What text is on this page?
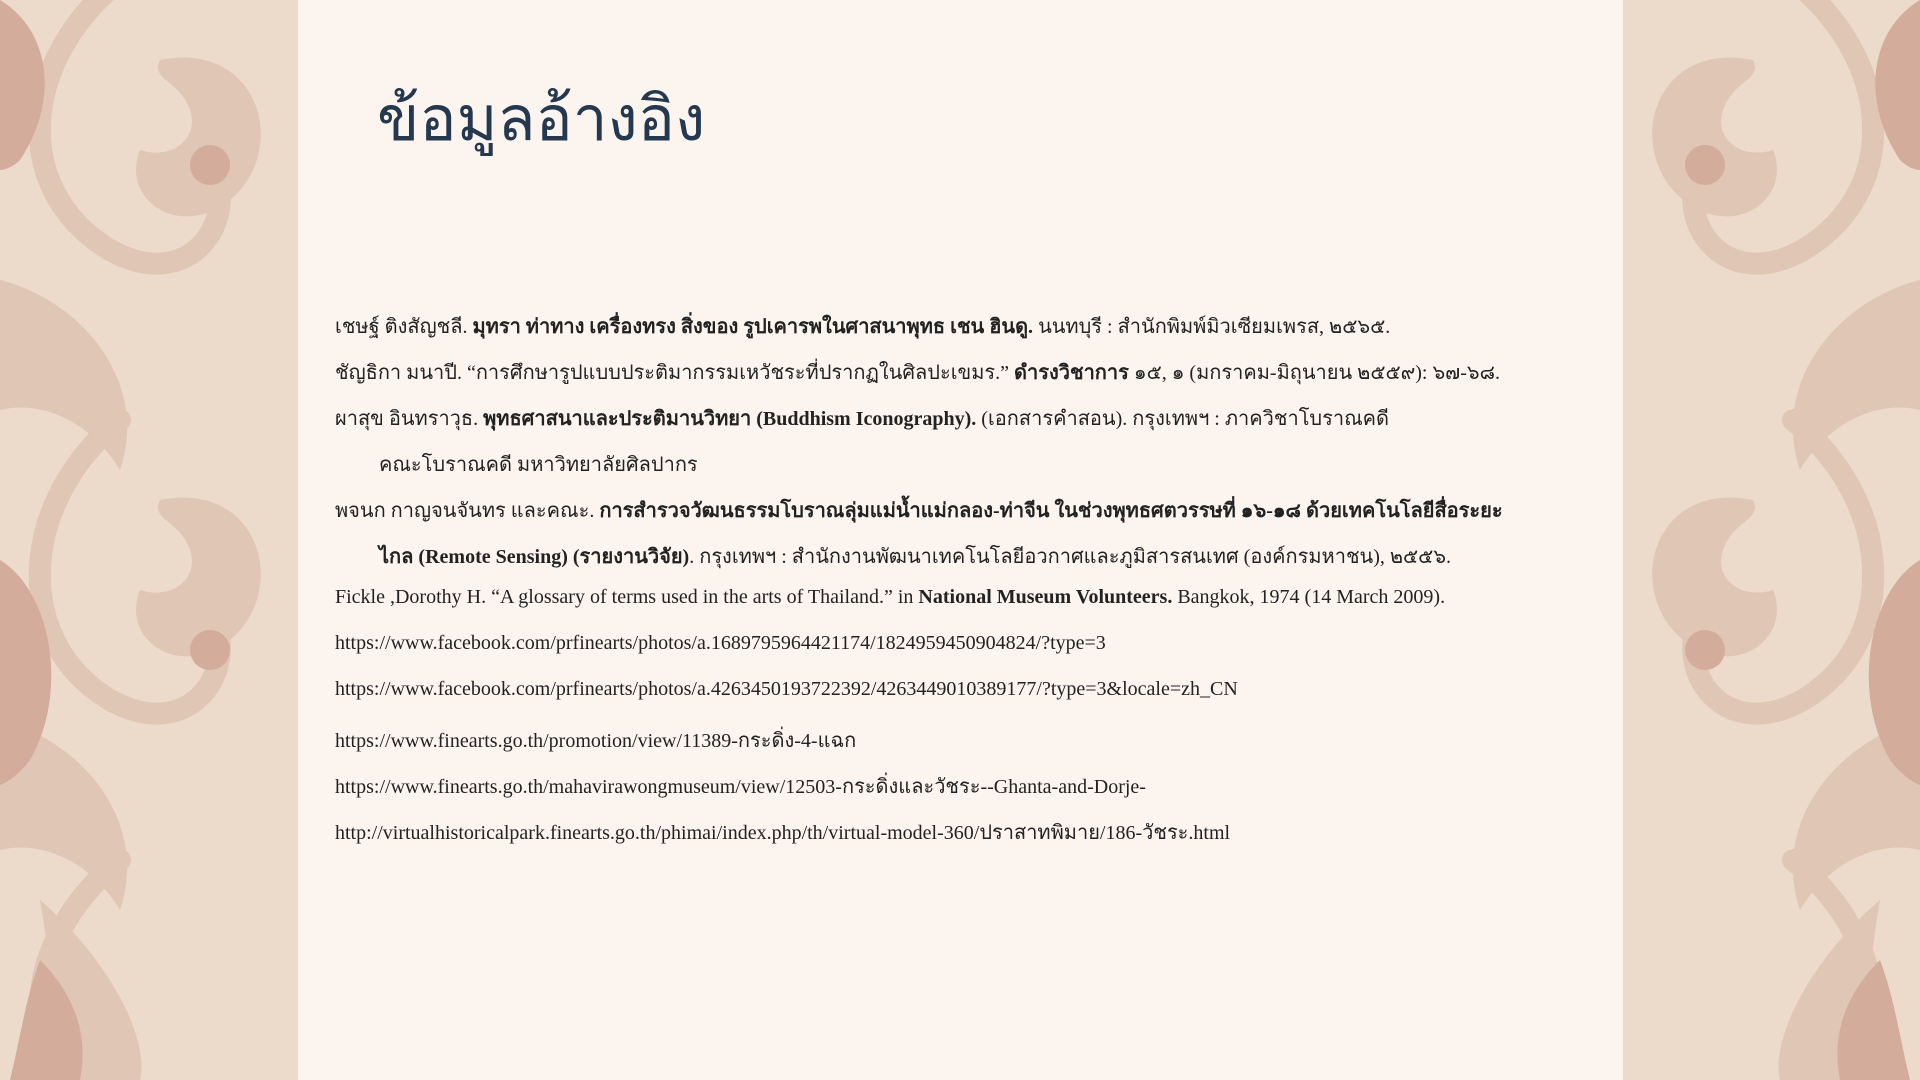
ข้อมูลอ้างอิง
เชษฐ์ ติงสัญชลี. มุทรา ท่าทาง เครื่องทรง สิ่งของ รูปเคารพในศาสนาพุทธ เชน ฮินดู. นนทบุรี : สำนักพิมพ์มิวเซียมเพรส, ๒๕๖๕.
ชัญธิกา มนาปี. “การศึกษารูปแบบประติมากรรมเหวัชระที่ปรากฏในศิลปะเขมร.” ดำรงวิชาการ ๑๕, ๑ (มกราคม-มิถุนายน ๒๕๕๙): ๖๗-๖๘.
ผาสุข อินทราวุธ. พุทธศาสนาและประติมานวิทยา (Buddhism Iconography). (เอกสารคำสอน). กรุงเทพฯ : ภาควิชาโบราณคดี
คณะโบราณคดี มหาวิทยาลัยศิลปากร
พจนก กาญจนจันทร และคณะ. การสำรวจวัฒนธรรมโบราณลุ่มแม่น้ำแม่กลอง-ท่าจีน ในช่วงพุทธศตวรรษที่ ๑๖-๑๘ ด้วยเทคโนโลยีสื่อระยะ
ไกล (Remote Sensing) (รายงานวิจัย). กรุงเทพฯ : สำนักงานพัฒนาเทคโนโลยีอวกาศและภูมิสารสนเทศ (องค์กรมหาชน), ๒๕๕๖.
Fickle ,Dorothy H. “A glossary of terms used in the arts of Thailand.” in National Museum Volunteers. Bangkok, 1974 (14 March 2009).
https://www.facebook.com/prfinearts/photos/a.1689795964421174/1824959450904824/?type=3
https://www.facebook.com/prfinearts/photos/a.4263450193722392/4263449010389177/?type=3&locale=zh_CN
https://www.finearts.go.th/promotion/view/11389-กระดิ่ง-4-แฉก
https://www.finearts.go.th/mahavirawongmuseum/view/12503-กระดิ่งและวัชระ--Ghanta-and-Dorje-
http://virtualhistoricalpark.finearts.go.th/phimai/index.php/th/virtual-model-360/ปราสาทพิมาย/186-วัชระ.html
